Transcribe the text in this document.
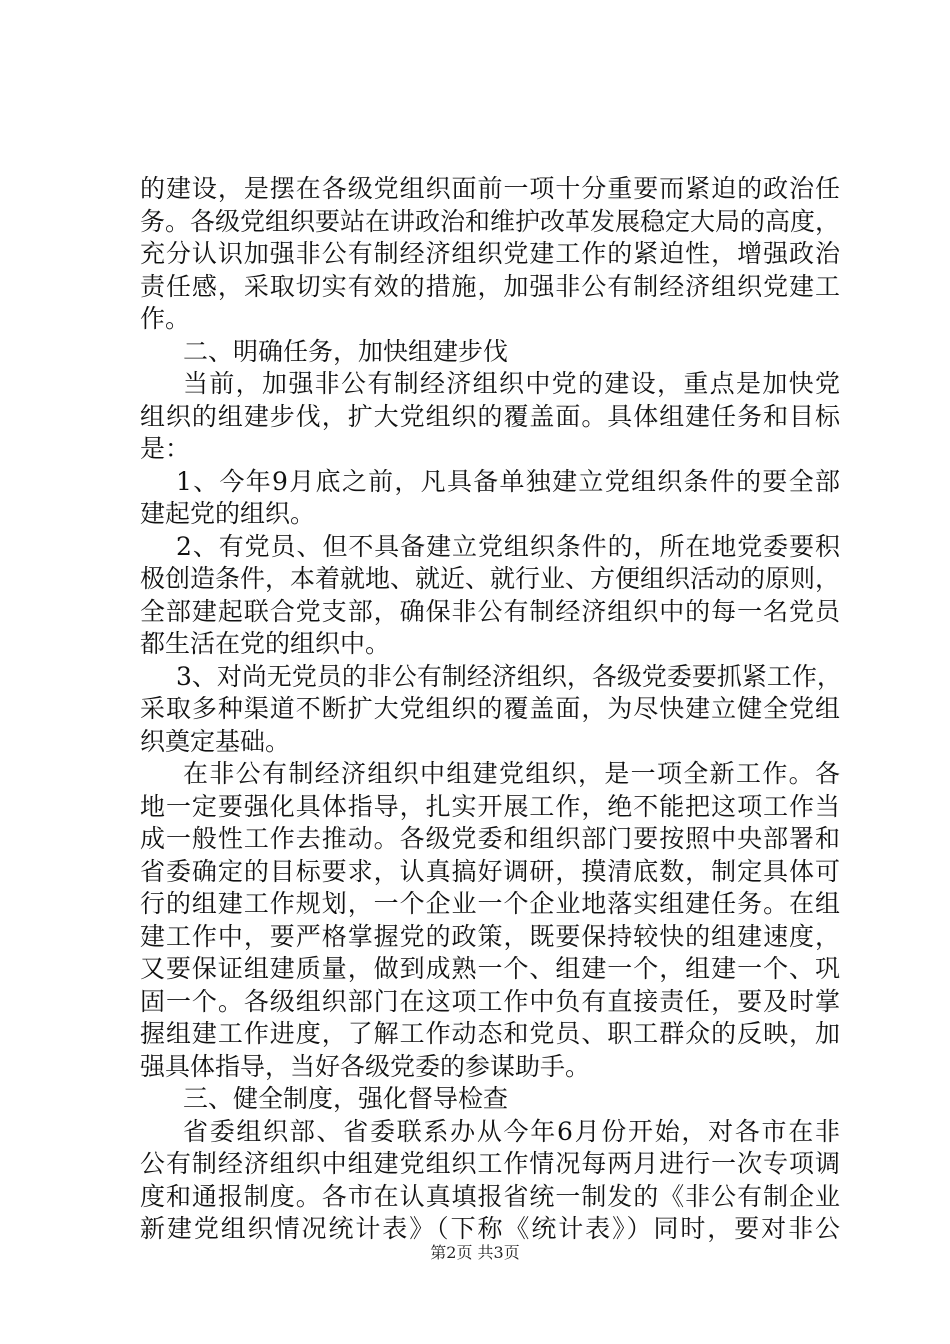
的建设，是摆在各级党组织面前一项十分重要而紧迫的政治任
务。各级党组织要站在讲政治和维护改革发展稳定大局的高度，
充分认识加强非公有制经济组织党建工作的紧迫性，增强政治
责任感，采取切实有效的措施，加强非公有制经济组织党建工
作。
二、明确任务，加快组建步伐
当前，加强非公有制经济组织中党的建设，重点是加快党
组织的组建步伐，扩大党组织的覆盖面。具体组建任务和目标
是：
1、今年9月底之前，凡具备单独建立党组织条件的要全部
建起党的组织。
2、有党员、但不具备建立党组织条件的，所在地党委要积
极创造条件，本着就地、就近、就行业、方便组织活动的原则，
全部建起联合党支部，确保非公有制经济组织中的每一名党员
都生活在党的组织中。
3、对尚无党员的非公有制经济组织，各级党委要抓紧工作，
采取多种渠道不断扩大党组织的覆盖面，为尽快建立健全党组
织奠定基础。
在非公有制经济组织中组建党组织，是一项全新工作。各
地一定要强化具体指导，扎实开展工作，绝不能把这项工作当
成一般性工作去推动。各级党委和组织部门要按照中央部署和
省委确定的目标要求，认真搞好调研，摸清底数，制定具体可
行的组建工作规划，一个企业一个企业地落实组建任务。在组
建工作中，要严格掌握党的政策，既要保持较快的组建速度，
又要保证组建质量，做到成熟一个、组建一个，组建一个、巩
固一个。各级组织部门在这项工作中负有直接责任，要及时掌
握组建工作进度，了解工作动态和党员、职工群众的反映，加
强具体指导，当好各级党委的参谋助手。
三、健全制度，强化督导检查
省委组织部、省委联系办从今年6月份开始，对各市在非
公有制经济组织中组建党组织工作情况每两月进行一次专项调
度和通报制度。各市在认真填报省统一制发的《非公有制企业
新建党组织情况统计表》（下称《统计表》）同时，要对非公
第2页 共3页
